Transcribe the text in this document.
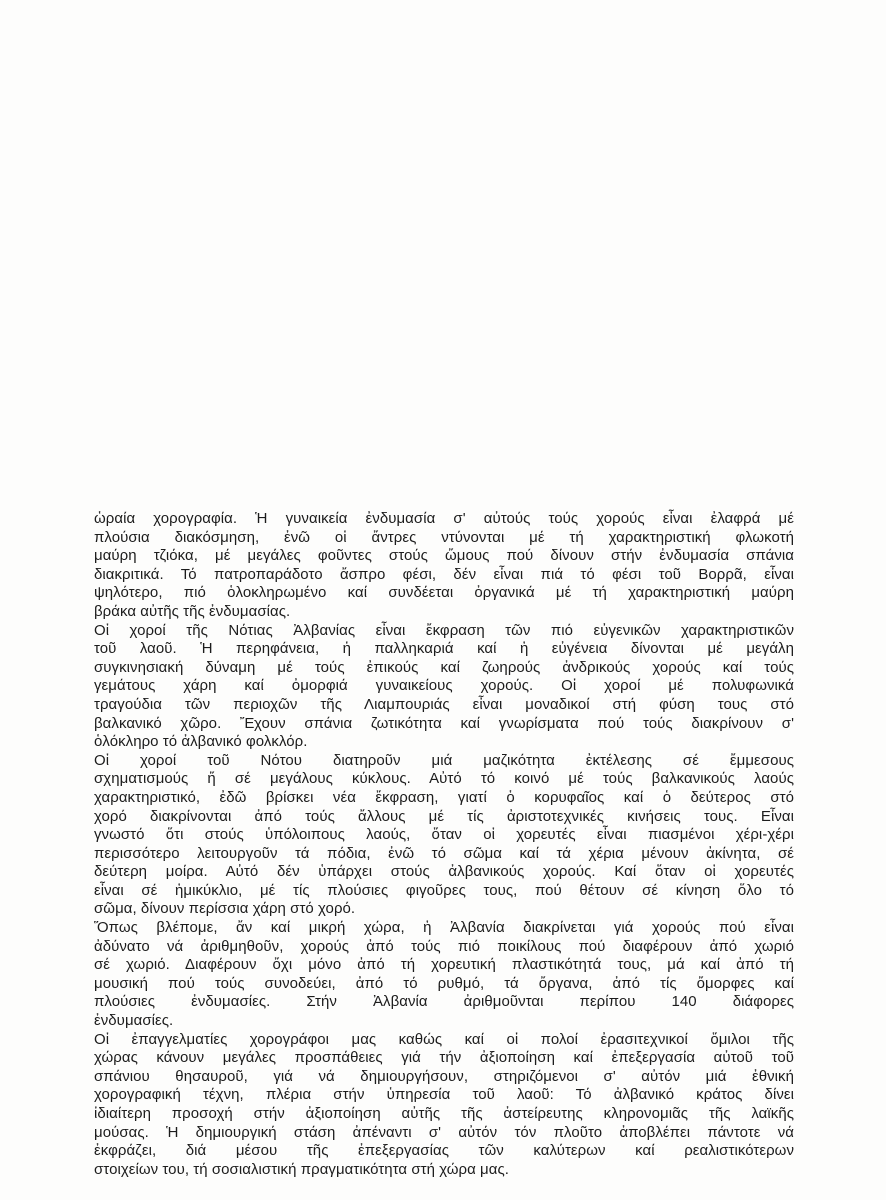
ὡραία χορογραφία. Ἡ γυναικεία ἐνδυμασία σ' αὐτούς τούς χορούς εἶναι ἐλαφρά μέ
πλούσια διακόσμηση, ἐνῶ οἱ ἄντρες ντύνονται μέ τή χαρακτηριστική φλωκοτή
μαύρη τζιόκα, μέ μεγάλες φοῦντες στούς ὤμους πού δίνουν στήν ἐνδυμασία σπάνια
διακριτικά. Τό πατροπαράδοτο ἄσπρο φέσι, δέν εἶναι πιά τό φέσι τοῦ Βορρᾶ, εἶναι
ψηλότερο, πιό ὁλοκληρωμένο καί συνδέεται ὀργανικά μέ τή χαρακτηριστική μαύρη
βράκα αὐτῆς τῆς ἐνδυμασίας.
Οἱ χοροί τῆς Νότιας Ἀλβανίας εἶναι ἔκφραση τῶν πιό εὐγενικῶν χαρακτηριστικῶν
τοῦ λαοῦ. Ἡ περηφάνεια, ἡ παλληκαριά καί ἡ εὐγένεια δίνονται μέ μεγάλη
συγκινησιακή δύναμη μέ τούς ἐπικούς καί ζωηρούς ἀνδρικούς χορούς καί τούς
γεμάτους χάρη καί ὀμορφιά γυναικείους χορούς. Οἱ χοροί μέ πολυφωνικά
τραγούδια τῶν περιοχῶν τῆς Λιαμπουριάς εἶναι μοναδικοί στή φύση τους στό
βαλκανικό χῶρο. Ἔχουν σπάνια ζωτικότητα καί γνωρίσματα πού τούς διακρίνουν σ'
ὁλόκληρο τό ἀλβανικό φολκλόρ.
Οἱ χοροί τοῦ Νότου διατηροῦν μιά μαζικότητα ἐκτέλεσης σέ ἔμμεσους
σχηματισμούς ἤ σέ μεγάλους κύκλους. Αὐτό τό κοινό μέ τούς βαλκανικούς λαούς
χαρακτηριστικό, ἐδῶ βρίσκει νέα ἔκφραση, γιατί ὁ κορυφαῖος καί ὁ δεύτερος στό
χορό διακρίνονται ἀπό τούς ἄλλους μέ τίς ἀριστοτεχνικές κινήσεις τους. Εἶναι
γνωστό ὅτι στούς ὑπόλοιπους λαούς, ὅταν οἱ χορευτές εἶναι πιασμένοι χέρι-χέρι
περισσότερο λειτουργοῦν τά πόδια, ἐνῶ τό σῶμα καί τά χέρια μένουν ἀκίνητα, σέ
δεύτερη μοίρα. Αὐτό δέν ὑπάρχει στούς ἀλβανικούς χορούς. Καί ὅταν οἱ χορευτές
εἶναι σέ ἡμικύκλιο, μέ τίς πλούσιες φιγοῦρες τους, πού θέτουν σέ κίνηση ὅλο τό
σῶμα, δίνουν περίσσια χάρη στό χορό.
Ὅπως βλέπομε, ἄν καί μικρή χώρα, ἡ Ἀλβανία διακρίνεται γιά χορούς πού εἶναι
ἀδύνατο νά ἀριθμηθοῦν, χορούς ἀπό τούς πιό ποικίλους πού διαφέρουν ἀπό χωριό
σέ χωριό. Διαφέρουν ὄχι μόνο ἀπό τή χορευτική πλαστικότητά τους, μά καί ἀπό τή
μουσική πού τούς συνοδεύει, ἀπό τό ρυθμό, τά ὄργανα, ἀπό τίς ὄμορφες καί
πλούσιες ἐνδυμασίες. Στήν Ἀλβανία ἀριθμοῦνται περίπου 140 διάφορες
ἐνδυμασίες.
Οἱ ἐπαγγελματίες χορογράφοι μας καθώς καί οἱ πολοί ἐρασιτεχνικοί ὅμιλοι τῆς
χώρας κάνουν μεγάλες προσπάθειες γιά τήν ἀξιοποίηση καί ἐπεξεργασία αὐτοῦ τοῦ
σπάνιου θησαυροῦ, γιά νά δημιουργήσουν, στηριζόμενοι σ' αὐτόν μιά ἐθνική
χορογραφική τέχνη, πλέρια στήν ὑπηρεσία τοῦ λαοῦ: Τό ἀλβανικό κράτος δίνει
ἰδιαίτερη προσοχή στήν ἀξιοποίηση αὐτῆς τῆς ἀστείρευτης κληρονομιᾶς τῆς λαϊκῆς
μούσας. Ἡ δημιουργική στάση ἀπέναντι σ' αὐτόν τόν πλοῦτο ἀποβλέπει πάντοτε νά
ἐκφράζει, διά μέσου τῆς ἐπεξεργασίας τῶν καλύτερων καί ρεαλιστικότερων
στοιχείων του, τή σοσιαλιστική πραγματικότητα στή χώρα μας.
